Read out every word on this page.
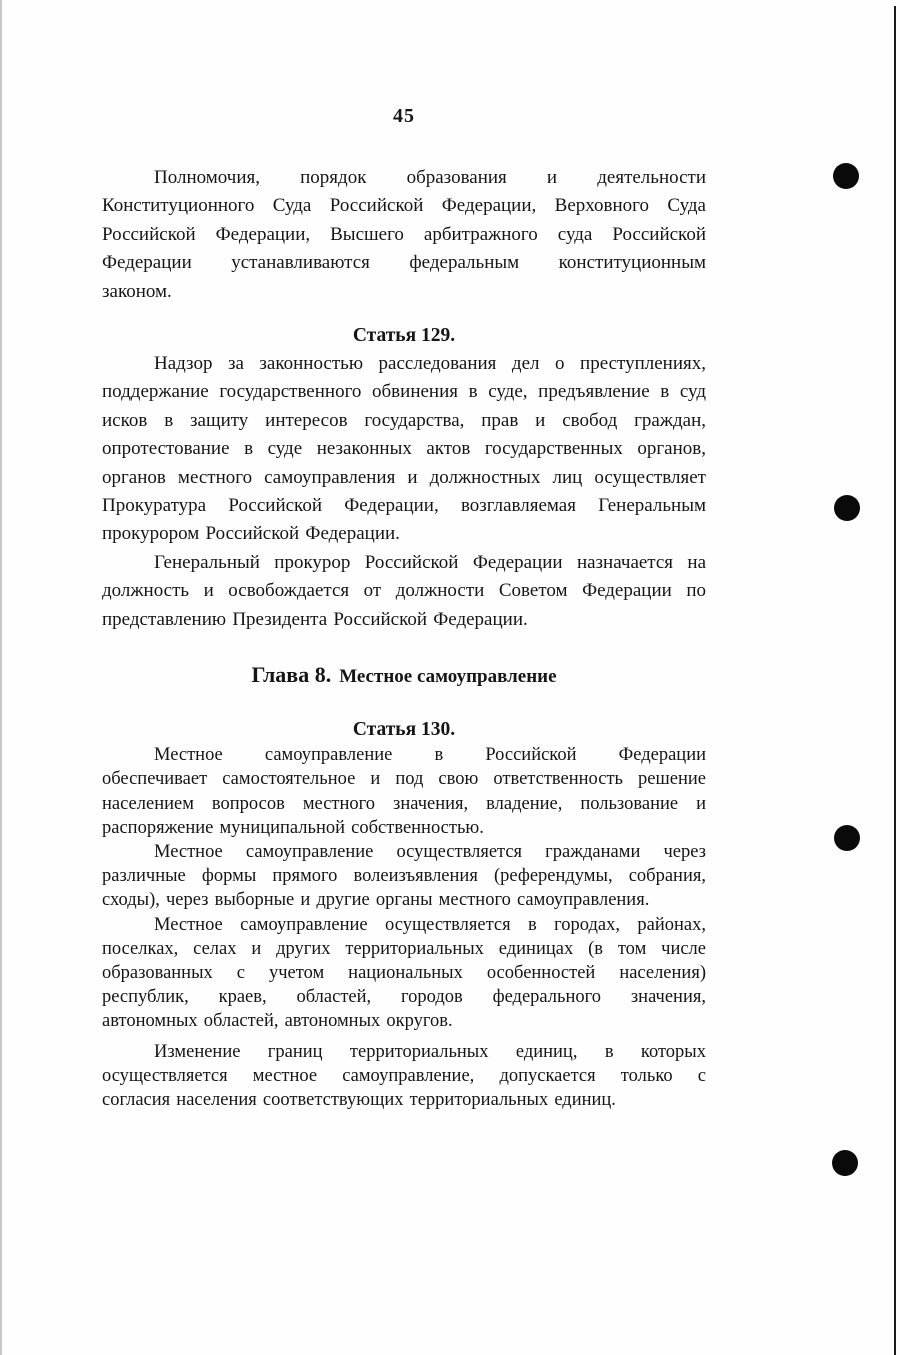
45
Полномочия, порядок образования и деятельности
Конституционного Суда Российской Федерации, Верховного Суда
Российской Федерации, Высшего арбитражного суда Российской
Федерации устанавливаются федеральным конституционным
законом.
Статья 129.
Надзор за законностью расследования дел о преступлениях,
поддержание государственного обвинения в суде, предъявление в суд
исков в защиту интересов государства, прав и свобод граждан,
опротестование в суде незаконных актов государственных органов,
органов местного самоуправления и должностных лиц осуществляет
Прокуратура Российской Федерации, возглавляемая Генеральным
прокурором Российской Федерации.
Генеральный прокурор Российской Федерации назначается на
должность и освобождается от должности Советом Федерации по
представлению Президента Российской Федерации.
Глава 8. Местное самоуправление
Статья 130.
Местное самоуправление в Российской Федерации
обеспечивает самостоятельное и под свою ответственность решение
населением вопросов местного значения, владение, пользование и
распоряжение муниципальной собственностью.
Местное самоуправление осуществляется гражданами через
различные формы прямого волеизъявления (референдумы, собрания,
сходы), через выборные и другие органы местного самоуправления.
Местное самоуправление осуществляется в городах, районах,
поселках, селах и других территориальных единицах (в том числе
образованных с учетом национальных особенностей населения)
республик, краев, областей, городов федерального значения,
автономных областей, автономных округов.
Изменение границ территориальных единиц, в которых
осуществляется местное самоуправление, допускается только с
согласия населения соответствующих территориальных единиц.
